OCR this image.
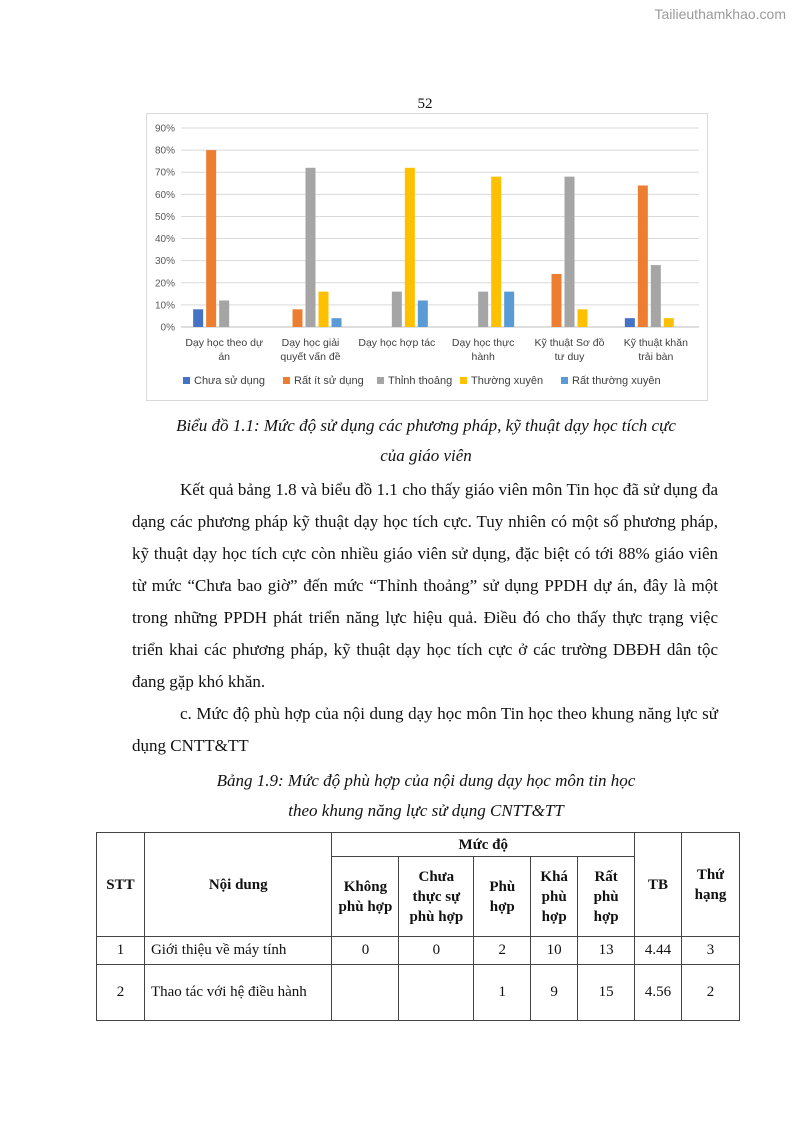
Tailieuthamkhao.com
52
0%
10%
20%
30%
40%
50%
60%
70%
80%
90%
Dạy học theo dự
án
Dạy học giải
quyết vấn đề
Dạy học hợp tác Dạy học thực
hành
Kỹ thuật Sơ đồ
tư duy
Kỹ thuật khăn
trải bàn
Chưa sử dụng	Rất ít sử dụng Thỉnh thoảng Thường xuyên	Rất thường xuyên
Biểu đồ 1.1: Mức độ sử dụng các phương pháp, kỹ thuật dạy học tích cực
của giáo viên

Kết quả bảng 1.8 và biểu đồ 1.1 cho thấy giáo viên môn Tin học đã sử dụng đa dạng các phương pháp kỹ thuật dạy học tích cực. Tuy nhiên có một số phương pháp, kỹ thuật dạy học tích cực còn nhiều giáo viên sử dụng, đặc biệt có tới 88% giáo viên từ mức “Chưa bao giờ” đến mức “Thỉnh thoảng” sử dụng PPDH dự án, đây là một trong những PPDH phát triển năng lực hiệu quả. Điều đó cho thấy thực trạng việc triển khai các phương pháp, kỹ thuật dạy học tích cực ở các trường DBĐH dân tộc đang gặp khó khăn.

c. Mức độ phù hợp của nội dung dạy học môn Tin học theo khung năng lực sử dụng CNTT&TT

Bảng 1.9: Mức độ phù hợp của nội dung dạy học môn tin học
theo khung năng lực sử dụng CNTT&TT
STT	Nội dung	Mức độ					TB	Thứ hạng
		Không phù hợp	Chưa thực sự phù hợp	Phù hợp	Khá phù hợp	Rất phù hợp		
1	Giới thiệu về máy tính	0	0	2	10	13	4.44	3
2	Thao tác với hệ điều hành			1	9	15	4.56	2
